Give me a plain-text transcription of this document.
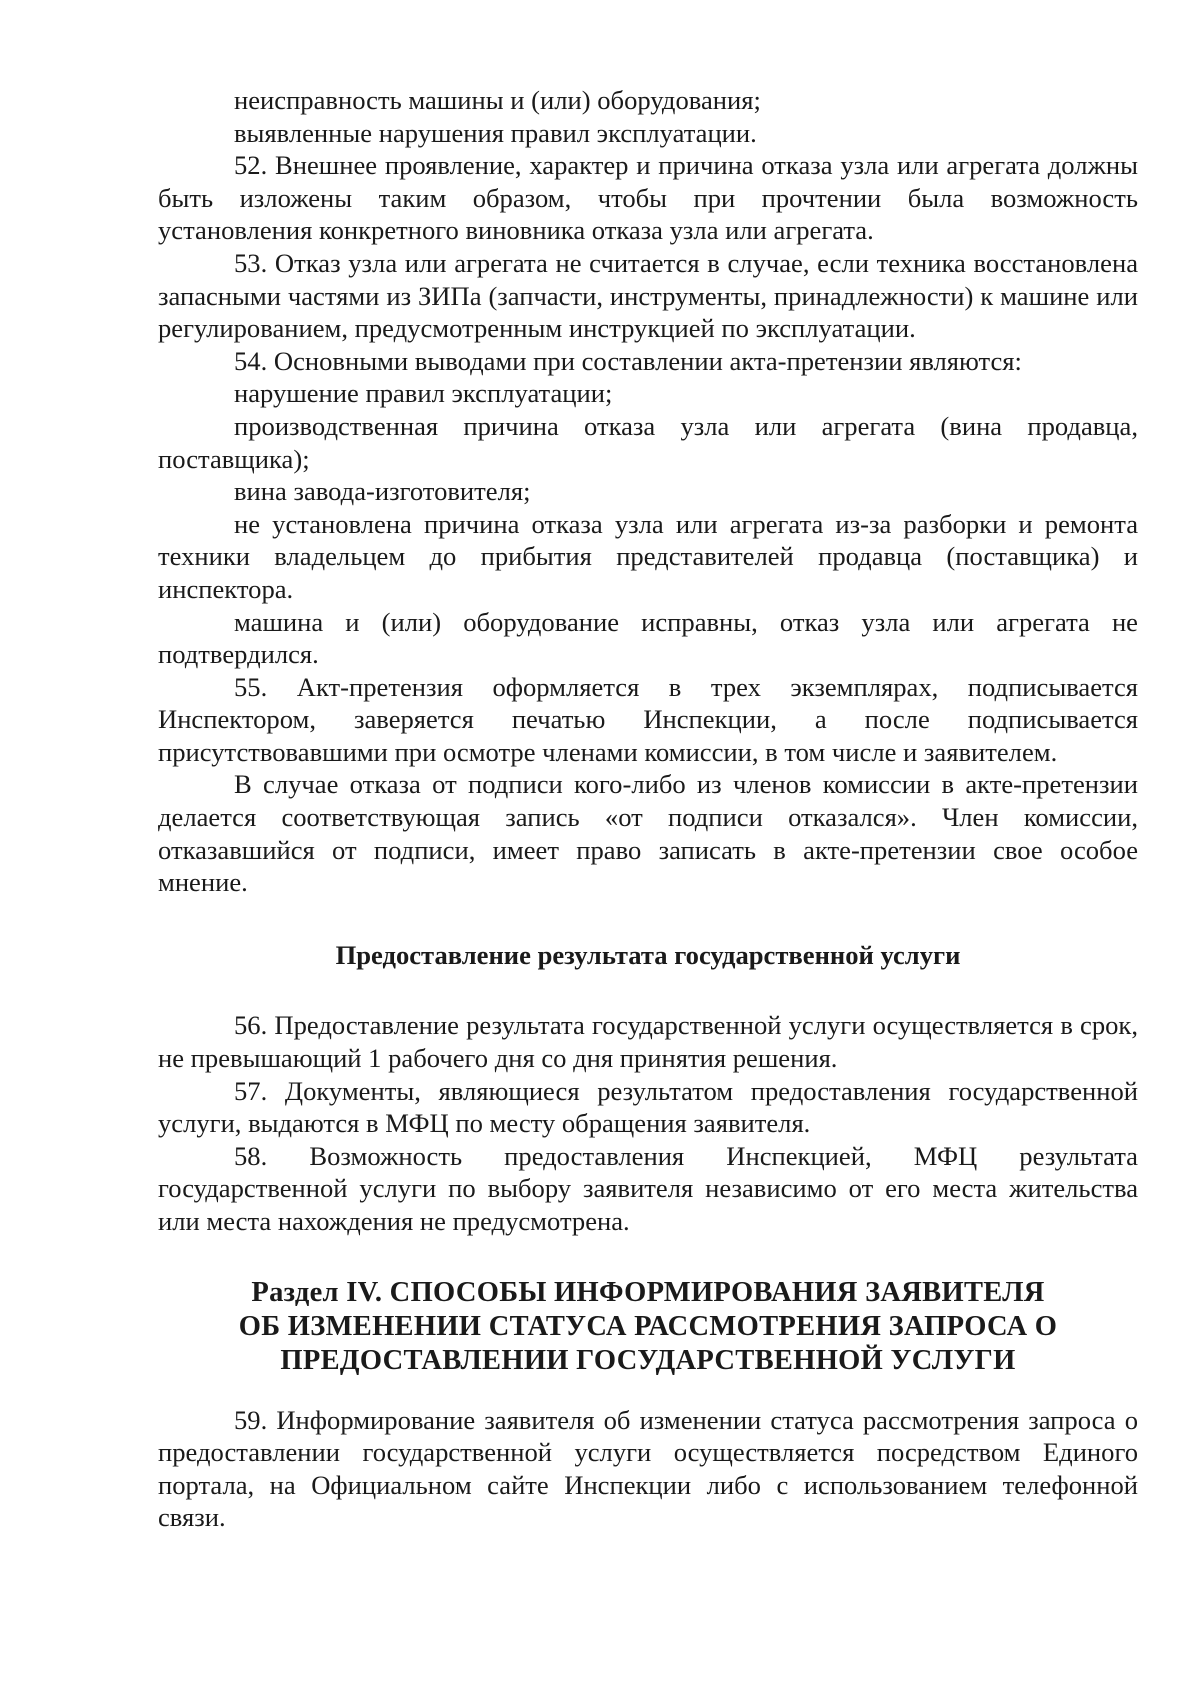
неисправность машины и (или) оборудования;

выявленные нарушения правил эксплуатации.

52. Внешнее проявление, характер и причина отказа узла или агрегата должны быть изложены таким образом, чтобы при прочтении была возможность установления конкретного виновника отказа узла или агрегата.

53. Отказ узла или агрегата не считается в случае, если техника восстановлена запасными частями из ЗИПа (запчасти, инструменты, принадлежности) к машине или регулированием, предусмотренным инструкцией по эксплуатации.

54. Основными выводами при составлении акта-претензии являются:

нарушение правил эксплуатации;

производственная причина отказа узла или агрегата (вина продавца, поставщика);

вина завода-изготовителя;

не установлена причина отказа узла или агрегата из-за разборки и ремонта техники владельцем до прибытия представителей продавца (поставщика) и инспектора.

машина и (или) оборудование исправны, отказ узла или агрегата не подтвердился.

55. Акт-претензия оформляется в трех экземплярах, подписывается Инспектором, заверяется печатью Инспекции, а после подписывается присутствовавшими при осмотре членами комиссии, в том числе и заявителем.

В случае отказа от подписи кого-либо из членов комиссии в акте-претензии делается соответствующая запись «от подписи отказался». Член комиссии, отказавшийся от подписи, имеет право записать в акте-претензии свое особое мнение.

Предоставление результата государственной услуги

56. Предоставление результата государственной услуги осуществляется в срок, не превышающий 1 рабочего дня со дня принятия решения.

57. Документы, являющиеся результатом предоставления государственной услуги, выдаются в МФЦ по месту обращения заявителя.

58. Возможность предоставления Инспекцией, МФЦ результата государственной услуги по выбору заявителя независимо от его места жительства или места нахождения не предусмотрена.

Раздел IV. СПОСОБЫ ИНФОРМИРОВАНИЯ ЗАЯВИТЕЛЯ
ОБ ИЗМЕНЕНИИ СТАТУСА РАССМОТРЕНИЯ ЗАПРОСА О
ПРЕДОСТАВЛЕНИИ ГОСУДАРСТВЕННОЙ УСЛУГИ

59. Информирование заявителя об изменении статуса рассмотрения запроса о предоставлении государственной услуги осуществляется посредством Единого портала, на Официальном сайте Инспекции либо с использованием телефонной связи.
